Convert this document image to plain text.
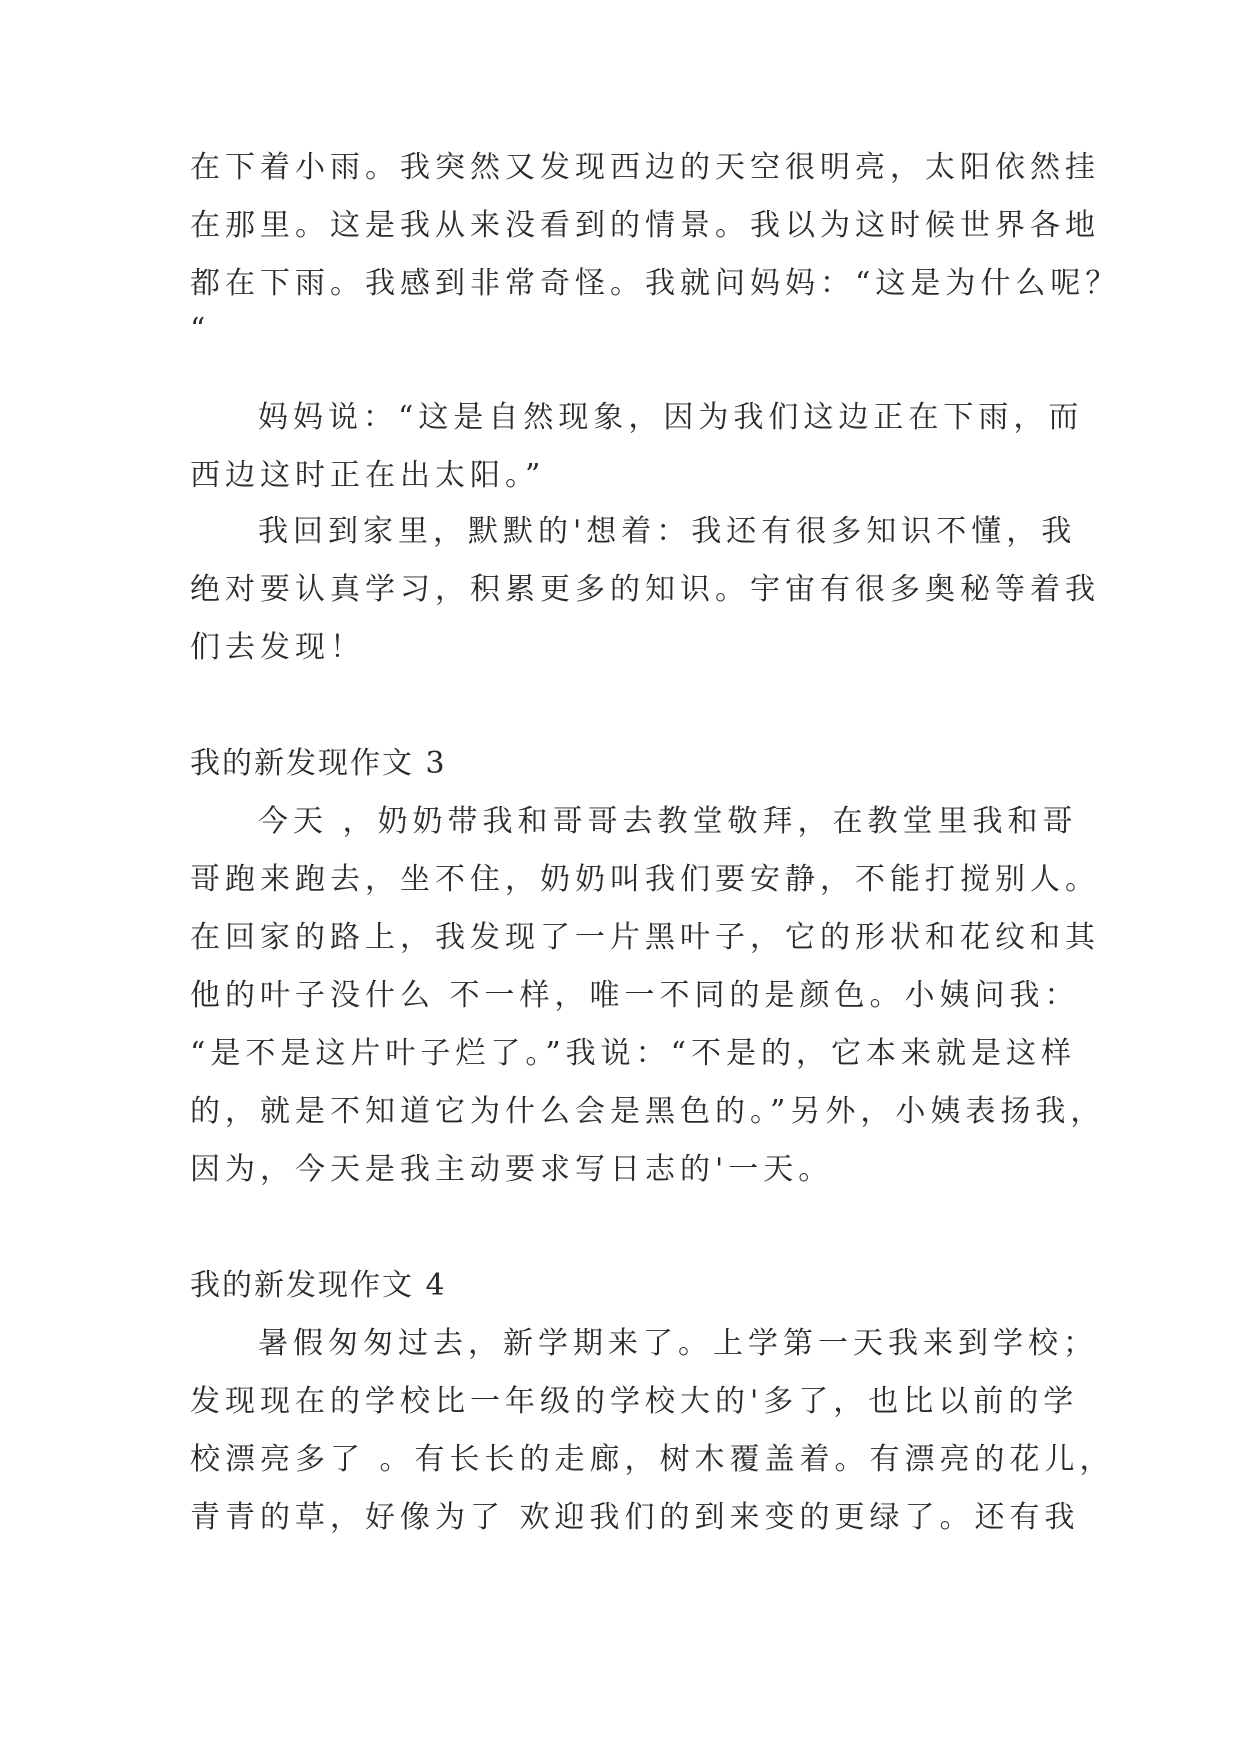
在下着小雨。我突然又发现西边的天空很明亮，太阳依然挂
在那里。这是我从来没看到的情景。我以为这时候世界各地
都在下雨。我感到非常奇怪。我就问妈妈：“这是为什么呢？
“
妈妈说：“这是自然现象，因为我们这边正在下雨，而
西边这时正在出太阳。”
我回到家里，默默的'想着：我还有很多知识不懂，我
绝对要认真学习，积累更多的知识。宇宙有很多奥秘等着我
们去发现！
我的新发现作文 3
今天 ，奶奶带我和哥哥去教堂敬拜，在教堂里我和哥
哥跑来跑去，坐不住，奶奶叫我们要安静，不能打搅别人。
在回家的路上，我发现了一片黑叶子，它的形状和花纹和其
他的叶子没什么 不一样，唯一不同的是颜色。小姨问我：
“是不是这片叶子烂了。”我说：“不是的，它本来就是这样
的，就是不知道它为什么会是黑色的。”另外，小姨表扬我，
因为，今天是我主动要求写日志的'一天。
我的新发现作文 4
暑假匆匆过去，新学期来了。上学第一天我来到学校；
发现现在的学校比一年级的学校大的'多了，也比以前的学
校漂亮多了 。有长长的走廊，树木覆盖着。有漂亮的花儿，
青青的草，好像为了 欢迎我们的到来变的更绿了。还有我
